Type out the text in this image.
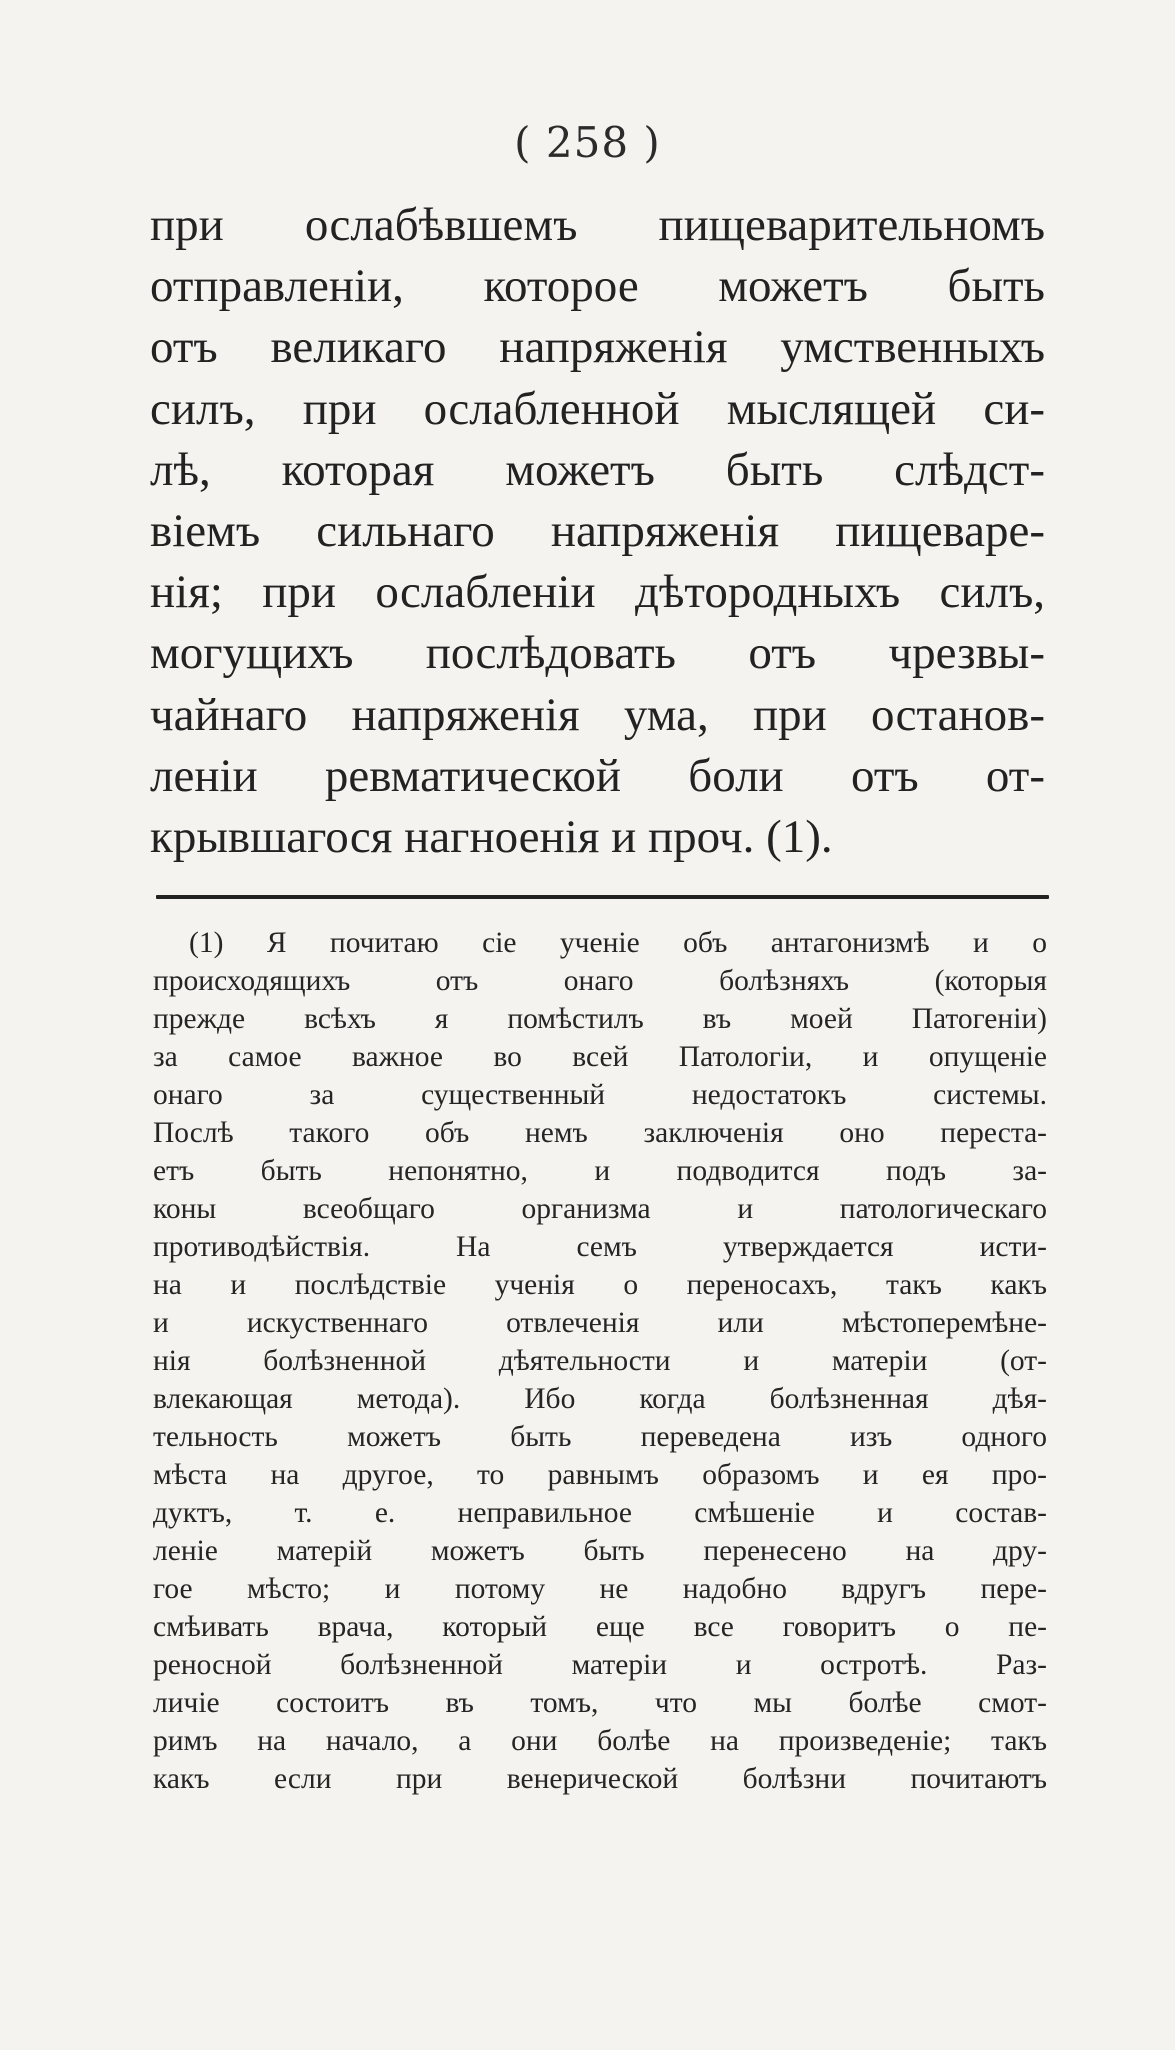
( 258 )
при ослабѣвшемъ пищеварительномъ
отправленіи, которое можетъ быть
отъ великаго напряженія умственныхъ
силъ, при ослабленной мыслящей си-
лѣ, которая можетъ быть слѣдст-
віемъ сильнаго напряженія пищеваре-
нія; при ослабленіи дѣтородныхъ силъ,
могущихъ послѣдовать отъ чрезвы-
чайнаго напряженія ума, при останов-
леніи ревматической боли отъ от-
крывшагося нагноенія и проч. (1).
(1) Я почитаю сіе ученіе объ антагонизмѣ и о
происходящихъ отъ онаго болѣзняхъ (которыя
прежде всѣхъ я помѣстилъ въ моей Патогеніи)
за самое важное во всей Патологіи, и опущеніе
онаго за существенный недостатокъ системы.
Послѣ такого объ немъ заключенія оно переста-
етъ быть непонятно, и подводится подъ за-
коны всеобщаго организма и патологическаго
противодѣйствія. На семъ утверждается исти-
на и послѣдствіе ученія о переносахъ, такъ какъ
и искуственнаго отвлеченія или мѣстоперемѣне-
нія болѣзненной дѣятельности и матеріи (от-
влекающая метода). Ибо когда болѣзненная дѣя-
тельность можетъ быть переведена изъ одного
мѣста на другое, то равнымъ образомъ и ея про-
дуктъ, т. е. неправильное смѣшеніе и состав-
леніе матерій можетъ быть перенесено на дру-
гое мѣсто; и потому не надобно вдругъ пере-
смѣивать врача, который еще все говоритъ о пе-
реносной болѣзненной матеріи и остротѣ. Раз-
личіе состоитъ въ томъ, что мы болѣе смот-
римъ на начало, а они болѣе на произведеніе; такъ
какъ если при венерической болѣзни почитаютъ
